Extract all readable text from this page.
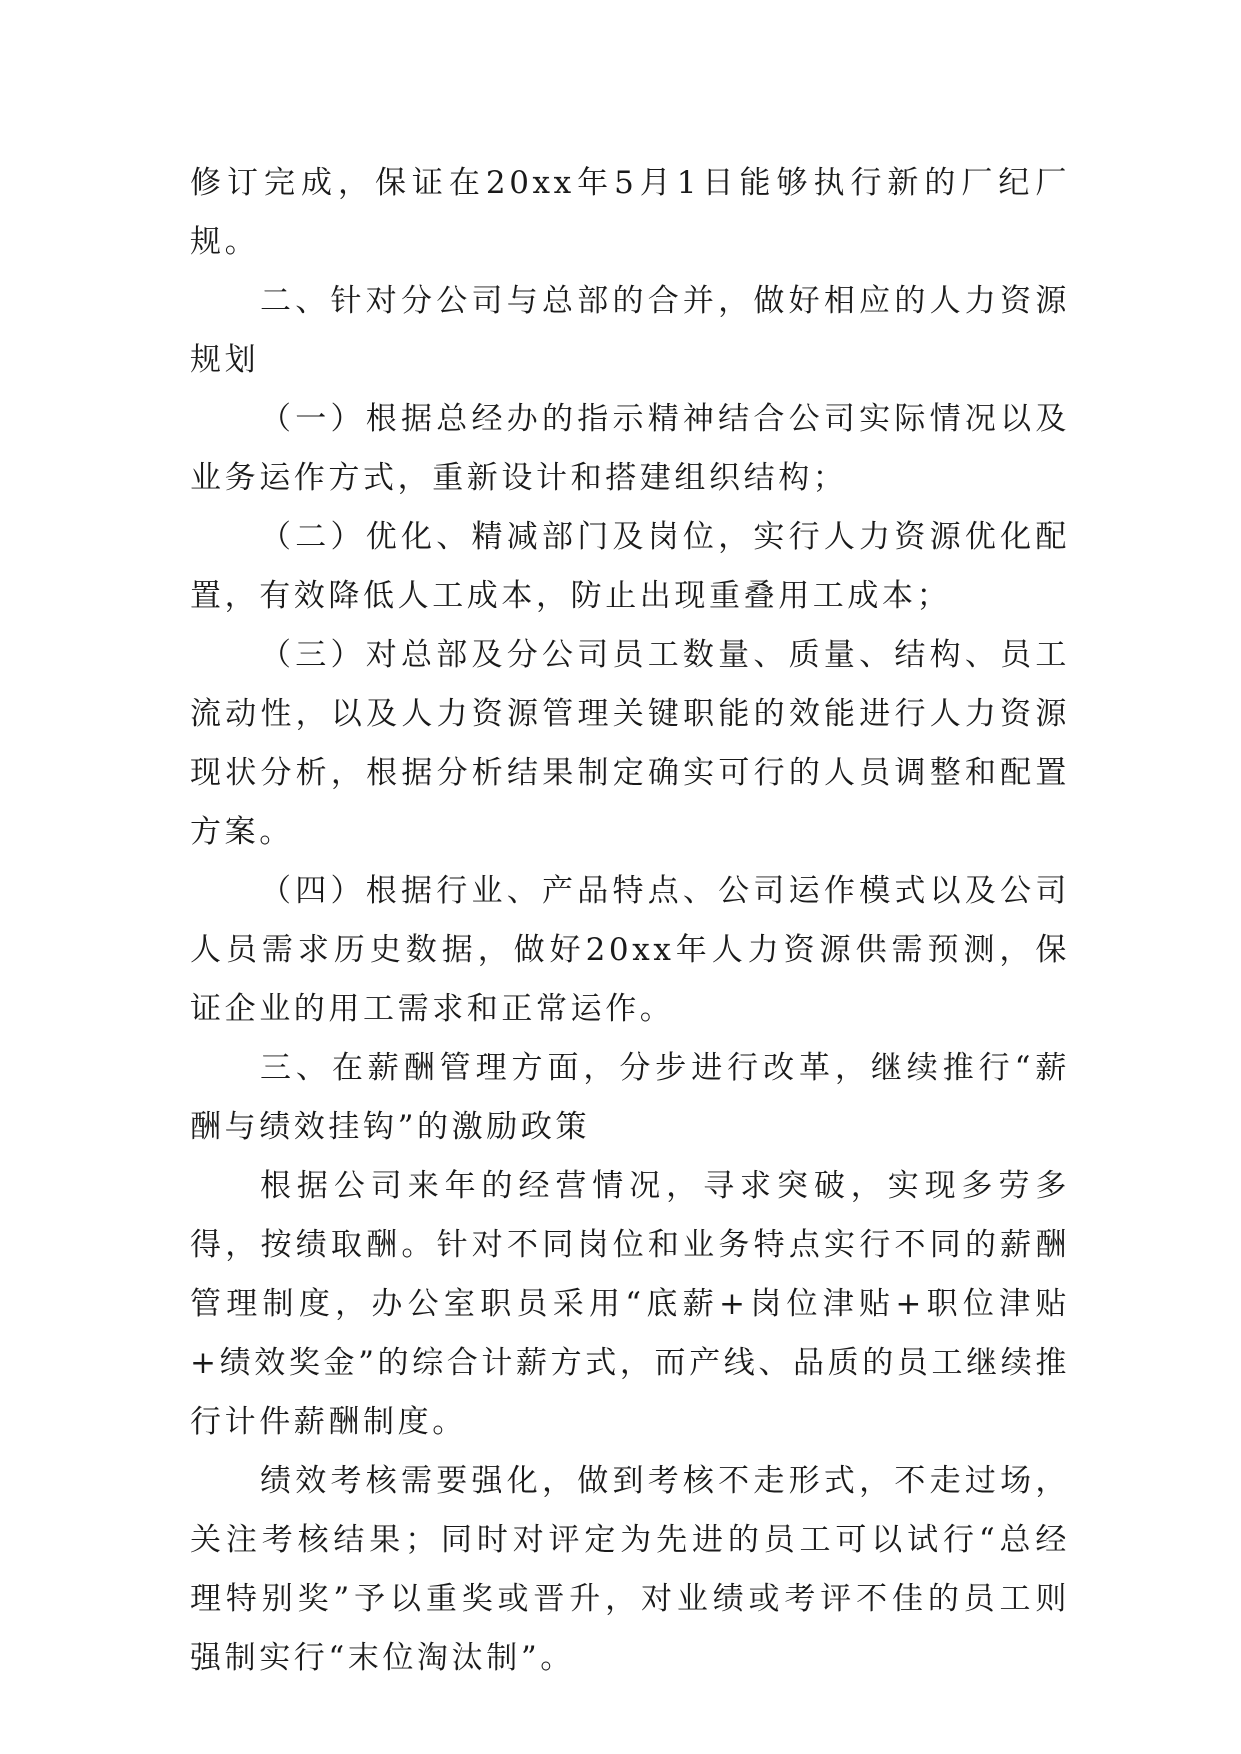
修订完成，保证在20xx年5月1日能够执行新的厂纪厂规。

二、针对分公司与总部的合并，做好相应的人力资源规划

（一）根据总经办的指示精神结合公司实际情况以及业务运作方式，重新设计和搭建组织结构；

（二）优化、精减部门及岗位，实行人力资源优化配置，有效降低人工成本，防止出现重叠用工成本；

（三）对总部及分公司员工数量、质量、结构、员工流动性，以及人力资源管理关键职能的效能进行人力资源现状分析，根据分析结果制定确实可行的人员调整和配置方案。

（四）根据行业、产品特点、公司运作模式以及公司人员需求历史数据，做好20xx年人力资源供需预测，保证企业的用工需求和正常运作。

三、在薪酬管理方面，分步进行改革，继续推行“薪酬与绩效挂钩”的激励政策

根据公司来年的经营情况，寻求突破，实现多劳多得，按绩取酬。针对不同岗位和业务特点实行不同的薪酬管理制度，办公室职员采用“底薪+岗位津贴+职位津贴+绩效奖金”的综合计薪方式，而产线、品质的员工继续推行计件薪酬制度。

绩效考核需要强化，做到考核不走形式，不走过场，关注考核结果；同时对评定为先进的员工可以试行“总经理特别奖”予以重奖或晋升，对业绩或考评不佳的员工则强制实行“末位淘汰制”。
